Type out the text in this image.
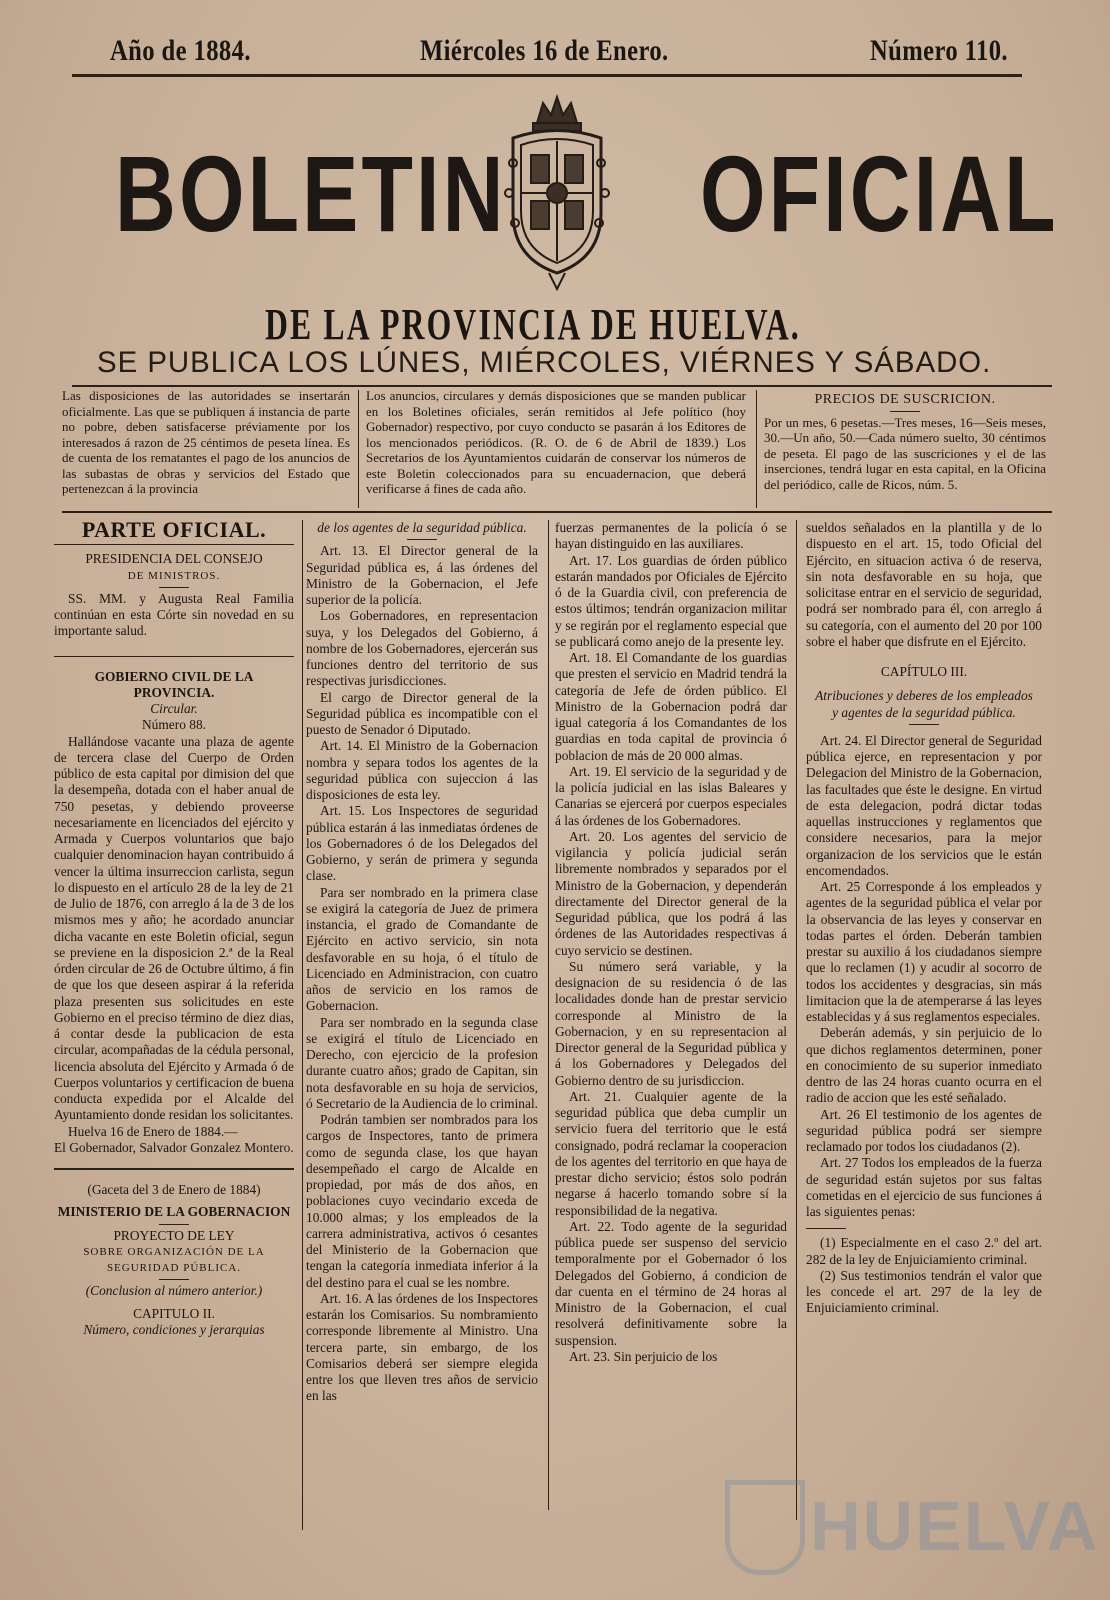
Año de 1884.	Miércoles 16 de Enero.	Número 110.
BOLETIN OFICIAL
DE LA PROVINCIA DE HUELVA.
SE PUBLICA LOS LÚNES, MIÉRCOLES, VIÉRNES Y SÁBADO.

Las disposiciones de las autoridades se insertarán oficialmente. Las que se publiquen á instancia de parte no pobre, deben satisfacerse préviamente por los interesados á razon de 25 céntimos de peseta línea. Es de cuenta de los rematantes el pago de los anuncios de las subastas de obras y servicios del Estado que pertenezcan á la provincia

Los anuncios, circulares y demás disposiciones que se manden publicar en los Boletines oficiales, serán remitidos al Jefe político (hoy Gobernador) respectivo, por cuyo conducto se pasarán á los Editores de los mencionados periódicos. (R. O. de 6 de Abril de 1839.) Los Secretarios de los Ayuntamientos cuidarán de conservar los números de este Boletin coleccionados para su encuadernacion, que deberá verificarse á fines de cada año.

PRECIOS DE SUSCRICION.

Por un mes, 6 pesetas.—Tres meses, 16—Seis meses, 30.—Un año, 50.—Cada número suelto, 30 céntimos de peseta. El pago de las suscriciones y el de las inserciones, tendrá lugar en esta capital, en la Oficina del periódico, calle de Ricos, núm. 5.

PARTE OFICIAL.

PRESIDENCIA DEL CONSEJO

DE MINISTROS.

SS. MM. y Augusta Real Familia continúan en esta Córte sin novedad en su importante salud.

GOBIERNO CIVIL DE LA PROVINCIA.

Circular.

Número 88.

Hallándose vacante una plaza de agente de tercera clase del Cuerpo de Orden público de esta capital por dimision del que la desempeña, dotada con el haber anual de 750 pesetas, y debiendo proveerse necesariamente en licenciados del ejército y Armada y Cuerpos voluntarios que bajo cualquier denominacion hayan contribuido á vencer la última insurreccion carlista, segun lo dispuesto en el artículo 28 de la ley de 21 de Julio de 1876, con arreglo á la de 3 de los mismos mes y año; he acordado anunciar dicha vacante en este Boletin oficial, segun se previene en la disposicion 2.ª de la Real órden circular de 26 de Octubre último, á fin de que los que deseen aspirar á la referida plaza presenten sus solicitudes en este Gobierno en el preciso término de diez dias, á contar desde la publicacion de esta circular, acompañadas de la cédula personal, licencia absoluta del Ejército y Armada ó de Cuerpos voluntarios y certificacion de buena conducta expedida por el Alcalde del Ayuntamiento donde residan los solicitantes.

Huelva 16 de Enero de 1884.—

El Gobernador, Salvador Gonzalez Montero.

(Gaceta del 3 de Enero de 1884)

MINISTERIO DE LA GOBERNACION

PROYECTO DE LEY

SOBRE ORGANIZACIÓN DE LA SEGURIDAD PÚBLICA.

(Conclusion al número anterior.)

CAPITULO II.

Número, condiciones y jerarquias

de los agentes de la seguridad pública.

Art. 13. El Director general de la Seguridad pública es, á las órdenes del Ministro de la Gobernacion, el Jefe superior de la policía.

Los Gobernadores, en representacion suya, y los Delegados del Gobierno, á nombre de los Gobernadores, ejercerán sus funciones dentro del territorio de sus respectivas jurisdicciones.

El cargo de Director general de la Seguridad pública es incompatible con el puesto de Senador ó Diputado.

Art. 14. El Ministro de la Gobernacion nombra y separa todos los agentes de la seguridad pública con sujeccion á las disposiciones de esta ley.

Art. 15. Los Inspectores de seguridad pública estarán á las inmediatas órdenes de los Gobernadores ó de los Delegados del Gobierno, y serán de primera y segunda clase.

Para ser nombrado en la primera clase se exigirá la categoría de Juez de primera instancia, el grado de Comandante de Ejército en activo servicio, sin nota desfavorable en su hoja, ó el título de Licenciado en Administracion, con cuatro años de servicio en los ramos de Gobernacion.

Para ser nombrado en la segunda clase se exigirá el título de Licenciado en Derecho, con ejercicio de la profesion durante cuatro años; grado de Capitan, sin nota desfavorable en su hoja de servicios, ó Secretario de la Audiencia de lo criminal.

Podrán tambien ser nombrados para los cargos de Inspectores, tanto de primera como de segunda clase, los que hayan desempeñado el cargo de Alcalde en propiedad, por más de dos años, en poblaciones cuyo vecindario exceda de 10.000 almas; y los empleados de la carrera administrativa, activos ó cesantes del Ministerio de la Gobernacion que tengan la categoría inmediata inferior á la del destino para el cual se les nombre.

Art. 16. A las órdenes de los Inspectores estarán los Comisarios. Su nombramiento corresponde libremente al Ministro. Una tercera parte, sin embargo, de los Comisarios deberá ser siempre elegida entre los que lleven tres años de servicio en las

fuerzas permanentes de la policía ó se hayan distinguido en las auxiliares.

Art. 17. Los guardias de órden público estarán mandados por Oficiales de Ejército ó de la Guardia civil, con preferencia de estos últimos; tendrán organizacion militar y se regirán por el reglamento especial que se publicará como anejo de la presente ley.

Art. 18. El Comandante de los guardias que presten el servicio en Madrid tendrá la categoría de Jefe de órden público. El Ministro de la Gobernacion podrá dar igual categoría á los Comandantes de los guardias en toda capital de provincia ó poblacion de más de 20 000 almas.

Art. 19. El servicio de la seguridad y de la policía judicial en las islas Baleares y Canarias se ejercerá por cuerpos especiales á las órdenes de los Gobernadores.

Art. 20. Los agentes del servicio de vigilancia y policía judicial serán libremente nombrados y separados por el Ministro de la Gobernacion, y dependerán directamente del Director general de la Seguridad pública, que los podrá á las órdenes de las Autoridades respectivas á cuyo servicio se destinen.

Su número será variable, y la designacion de su residencia ó de las localidades donde han de prestar servicio corresponde al Ministro de la Gobernacion, y en su representacion al Director general de la Seguridad pública y á los Gobernadores y Delegados del Gobierno dentro de su jurisdiccion.

Art. 21. Cualquier agente de la seguridad pública que deba cumplir un servicio fuera del territorio que le está consignado, podrá reclamar la cooperacion de los agentes del territorio en que haya de prestar dicho servicio; éstos solo podrán negarse á hacerlo tomando sobre sí la responsibilidad de la negativa.

Art. 22. Todo agente de la seguridad pública puede ser suspenso del servicio temporalmente por el Gobernador ó los Delegados del Gobierno, á condicion de dar cuenta en el término de 24 horas al Ministro de la Gobernacion, el cual resolverá definitivamente sobre la suspension.

Art. 23. Sin perjuicio de los

sueldos señalados en la plantilla y de lo dispuesto en el art. 15, todo Oficial del Ejército, en situacion activa ó de reserva, sin nota desfavorable en su hoja, que solicitase entrar en el servicio de seguridad, podrá ser nombrado para él, con arreglo á su categoría, con el aumento del 20 por 100 sobre el haber que disfrute en el Ejército.

CAPÍTULO III.

Atribuciones y deberes de los empleados y agentes de la seguridad pública.

Art. 24. El Director general de Seguridad pública ejerce, en representacion y por Delegacion del Ministro de la Gobernacion, las facultades que éste le designe. En virtud de esta delegacion, podrá dictar todas aquellas instrucciones y reglamentos que considere necesarios, para la mejor organizacion de los servicios que le están encomendados.

Art. 25 Corresponde á los empleados y agentes de la seguridad pública el velar por la observancia de las leyes y conservar en todas partes el órden. Deberán tambien prestar su auxilio á los ciudadanos siempre que lo reclamen (1) y acudir al socorro de todos los accidentes y desgracias, sin más limitacion que la de atemperarse á las leyes establecidas y á sus reglamentos especiales.

Deberán además, y sin perjuicio de lo que dichos reglamentos determinen, poner en conocimiento de su superior inmediato dentro de las 24 horas cuanto ocurra en el radio de accion que les esté señalado.

Art. 26 El testimonio de los agentes de seguridad pública podrá ser siempre reclamado por todos los ciudadanos (2).

Art. 27 Todos los empleados de la fuerza de seguridad están sujetos por sus faltas cometidas en el ejercicio de sus funciones á las siguientes penas:

(1) Especialmente en el caso 2.º del art. 282 de la ley de Enjuiciamiento criminal.

(2) Sus testimonios tendrán el valor que les concede el art. 297 de la ley de Enjuiciamiento criminal.

HUELVA
